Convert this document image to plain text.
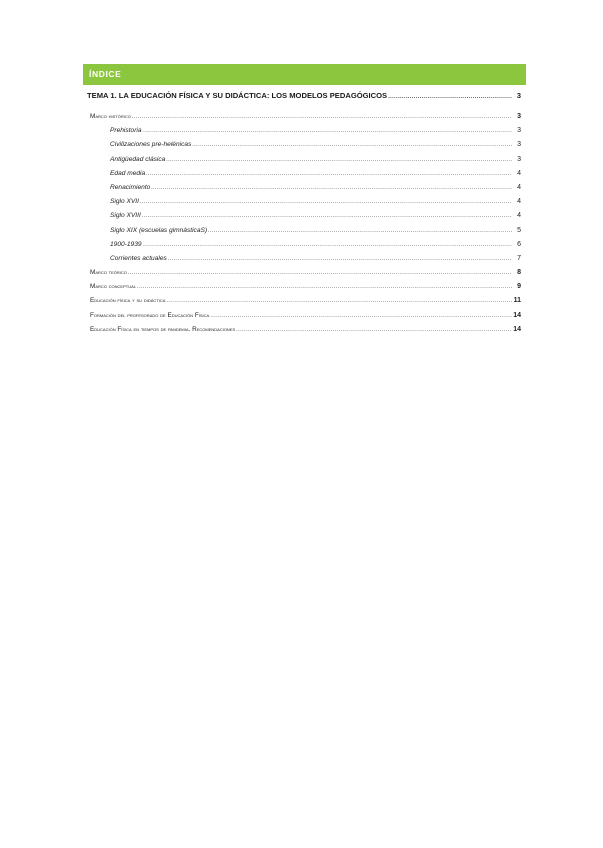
ÍNDICE
TEMA 1. LA EDUCACIÓN FÍSICA Y SU DIDÁCTICA: LOS MODELOS PEDAGÓGICOS .....	3
Marco histórico .....	3
Prehistoria .....	3
Civilizaciones pre-helénicas .....	3
Antigüedad clásica .....	3
Edad media .....	4
Renacimiento .....	4
Siglo XVII .....	4
Siglo XVIII .....	4
Siglo XIX (escuelas gimnásticaS) .....	5
1900-1939 .....	6
Corrientes actuales .....	7
Marco teórico .....	8
Marco conceptual .....	9
Educación física y su didáctica .....	11
Formación del profesorado de Educación Física .....	14
Educación Física en tiempos de pandemia. Recomendaciones .....	14
